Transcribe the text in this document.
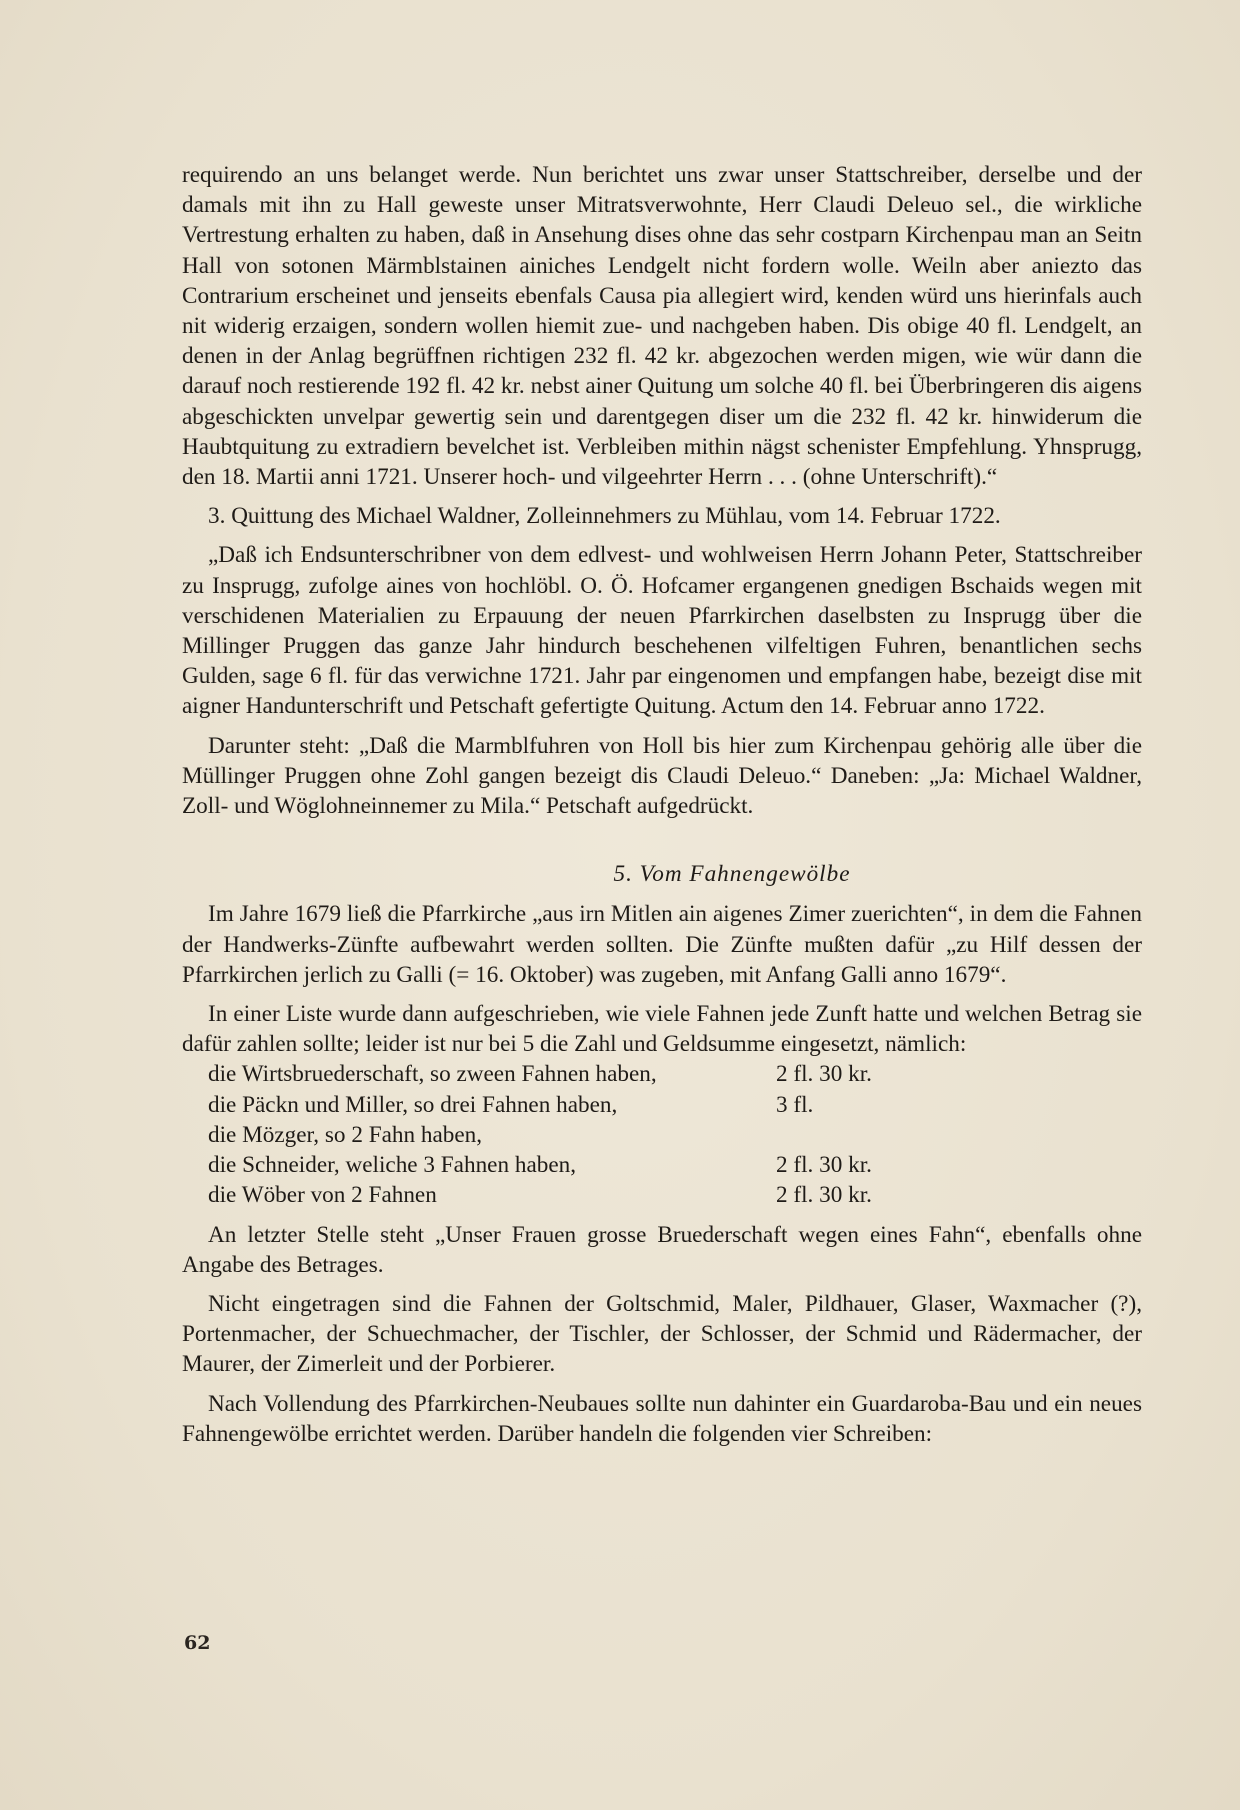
requirendo an uns belanget werde. Nun berichtet uns zwar unser Stattschreiber, derselbe und der damals mit ihn zu Hall geweste unser Mitratsverwohnte, Herr Claudi Deleuo sel., die wirkliche Vertrestung erhalten zu haben, daß in Ansehung dises ohne das sehr costparn Kirchenpau man an Seitn Hall von sotonen Märmblstainen ainiches Lendgelt nicht fordern wolle. Weiln aber aniezto das Contrarium erscheinet und jenseits ebenfals Causa pia allegiert wird, kenden würd uns hierinfals auch nit widerig erzaigen, sondern wollen hiemit zue- und nachgeben haben. Dis obige 40 fl. Lendgelt, an denen in der Anlag begrüffnen richtigen 232 fl. 42 kr. abgezochen werden migen, wie wür dann die darauf noch restierende 192 fl. 42 kr. nebst ainer Quitung um solche 40 fl. bei Überbringeren dis aigens abgeschickten unvelpar gewertig sein und darentgegen diser um die 232 fl. 42 kr. hinwiderum die Haubtquitung zu extradiern bevelchet ist. Verbleiben mithin nägst schenister Empfehlung. Yhnsprugg, den 18. Martii anni 1721. Unserer hoch- und vilgeehrter Herrn . . . (ohne Unterschrift).“

3. Quittung des Michael Waldner, Zolleinnehmers zu Mühlau, vom 14. Februar 1722.

„Daß ich Endsunterschribner von dem edlvest- und wohlweisen Herrn Johann Peter, Stattschreiber zu Insprugg, zufolge aines von hochlöbl. O. Ö. Hofcamer ergangenen gnedigen Bschaids wegen mit verschidenen Materialien zu Erpauung der neuen Pfarrkirchen daselbsten zu Insprugg über die Millinger Pruggen das ganze Jahr hindurch beschehenen vilfeltigen Fuhren, benantlichen sechs Gulden, sage 6 fl. für das verwichne 1721. Jahr par eingenomen und empfangen habe, bezeigt dise mit aigner Handunterschrift und Petschaft gefertigte Quitung. Actum den 14. Februar anno 1722.

Darunter steht: „Daß die Marmblfuhren von Holl bis hier zum Kirchenpau gehörig alle über die Müllinger Pruggen ohne Zohl gangen bezeigt dis Claudi Deleuo.“ Daneben: „Ja: Michael Waldner, Zoll- und Wöglohneinnemer zu Mila.“ Petschaft aufgedrückt.

5. Vom Fahnengewölbe

Im Jahre 1679 ließ die Pfarrkirche „aus irn Mitlen ain aigenes Zimer zuerichten“, in dem die Fahnen der Handwerks-Zünfte aufbewahrt werden sollten. Die Zünfte mußten dafür „zu Hilf dessen der Pfarrkirchen jerlich zu Galli (= 16. Oktober) was zugeben, mit Anfang Galli anno 1679“.

In einer Liste wurde dann aufgeschrieben, wie viele Fahnen jede Zunft hatte und welchen Betrag sie dafür zahlen sollte; leider ist nur bei 5 die Zahl und Geldsumme eingesetzt, nämlich:

die Wirtsbruederschaft, so zween Fahnen haben,	2 fl. 30 kr.
die Päckn und Miller, so drei Fahnen haben,	3 fl.
die Mözger, so 2 Fahn haben,
die Schneider, weliche 3 Fahnen haben,	2 fl. 30 kr.
die Wöber von 2 Fahnen	2 fl. 30 kr.

An letzter Stelle steht „Unser Frauen grosse Bruederschaft wegen eines Fahn“, ebenfalls ohne Angabe des Betrages.

Nicht eingetragen sind die Fahnen der Goltschmid, Maler, Pildhauer, Glaser, Waxmacher (?), Portenmacher, der Schuechmacher, der Tischler, der Schlosser, der Schmid und Rädermacher, der Maurer, der Zimerleit und der Porbierer.

Nach Vollendung des Pfarrkirchen-Neubaues sollte nun dahinter ein Guardaroba-Bau und ein neues Fahnengewölbe errichtet werden. Darüber handeln die folgenden vier Schreiben:

62
